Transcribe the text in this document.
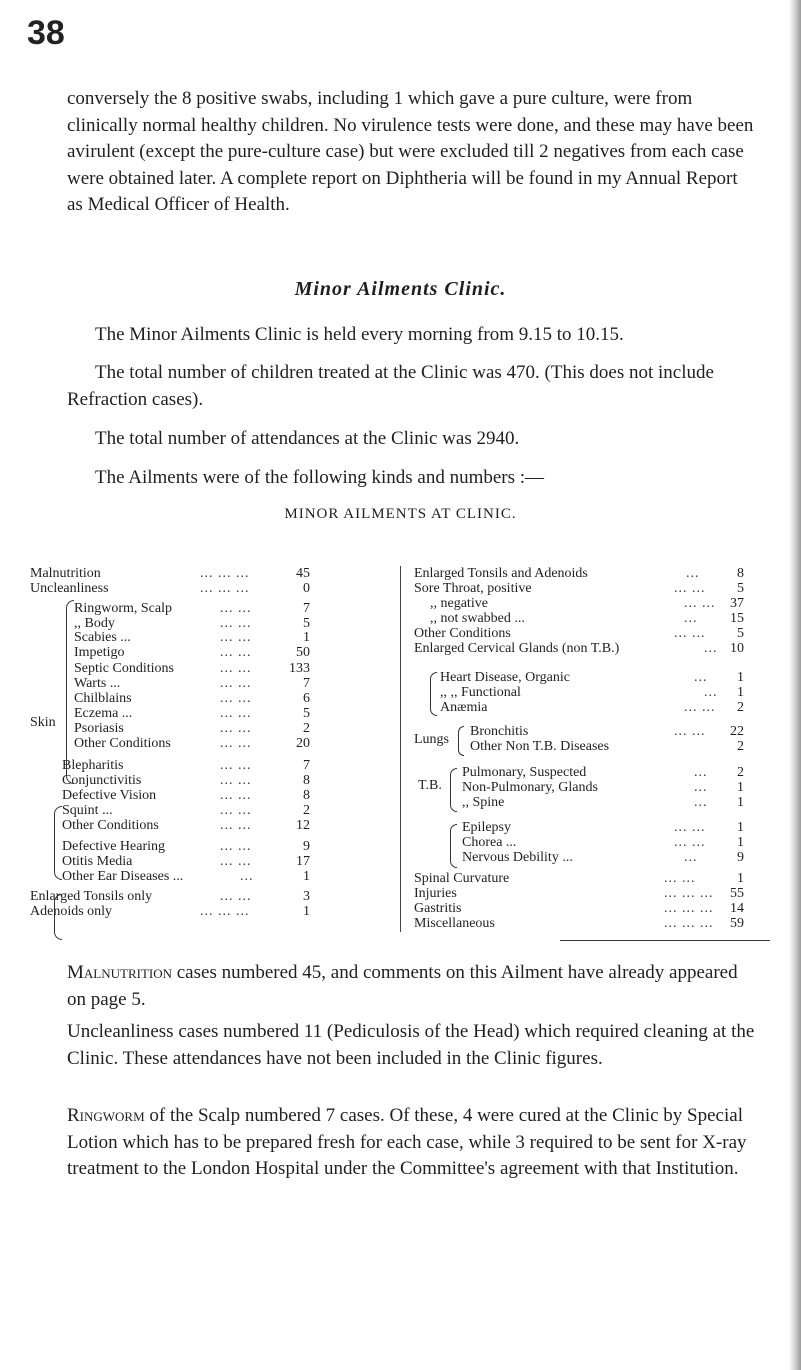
38

conversely the 8 positive swabs, including 1 which gave a pure culture, were from clinically normal healthy children. No virulence tests were done, and these may have been avirulent (except the pure-culture case) but were excluded till 2 negatives from each case were obtained later. A complete report on Diphtheria will be found in my Annual Report as Medical Officer of Health.

Minor Ailments Clinic.

The Minor Ailments Clinic is held every morning from 9.15 to 10.15.

The total number of children treated at the Clinic was 470. (This does not include Refraction cases).

The total number of attendances at the Clinic was 2940.

The Ailments were of the following kinds and numbers :—

MINOR AILMENTS AT CLINIC.
Skin
Malnutrition	... ... ...	45
Uncleanliness	... ... ...	0
Ringworm, Scalp	... ...	7
,, Body	... ...	5
Scabies ...	... ...	1
Impetigo	... ...	50
Septic Conditions	... ...	133
Warts ...	... ...	7
Chilblains	... ...	6
Eczema ...	... ...	5
Psoriasis	... ...	2
Other Conditions	... ...	20
Blepharitis	... ...	7
Conjunctivitis	... ...	8
Defective Vision	... ...	8
Squint ...	... ...	2
Other Conditions	... ...	12
Defective Hearing	... ...	9
Otitis Media	... ...	17
Other Ear Diseases ...	...	1
Enlarged Tonsils only	... ...	3
Adenoids only	... ... ...	1
Lungs
T.B.
Enlarged Tonsils and Adenoids	...	8
Sore Throat, positive	... ...	5
,, negative	... ...	37
,, not swabbed ...	...	15
Other Conditions	... ...	5
Enlarged Cervical Glands (non T.B.)	... 10
Heart Disease, Organic	...	1
,, ,, Functional	...	1
Anæmia	... ...	2
Bronchitis	... ...	22
Other Non T.B. Diseases	2
Pulmonary, Suspected	...	2
Non-Pulmonary, Glands	...	1
,, Spine	...	1
Epilepsy	... ...	1
Chorea ...	... ...	1
Nervous Debility ...	...	9
Spinal Curvature	... ...	1
Injuries	... ... ...	55
Gastritis	... ... ...	14
Miscellaneous	... ... ...	59

Malnutrition cases numbered 45, and comments on this Ailment have already appeared on page 5.

Uncleanliness cases numbered 11 (Pediculosis of the Head) which required cleaning at the Clinic. These attendances have not been included in the Clinic figures.

Ringworm of the Scalp numbered 7 cases. Of these, 4 were cured at the Clinic by Special Lotion which has to be prepared fresh for each case, while 3 required to be sent for X-ray treatment to the London Hospital under the Committee's agreement with that Institution.
